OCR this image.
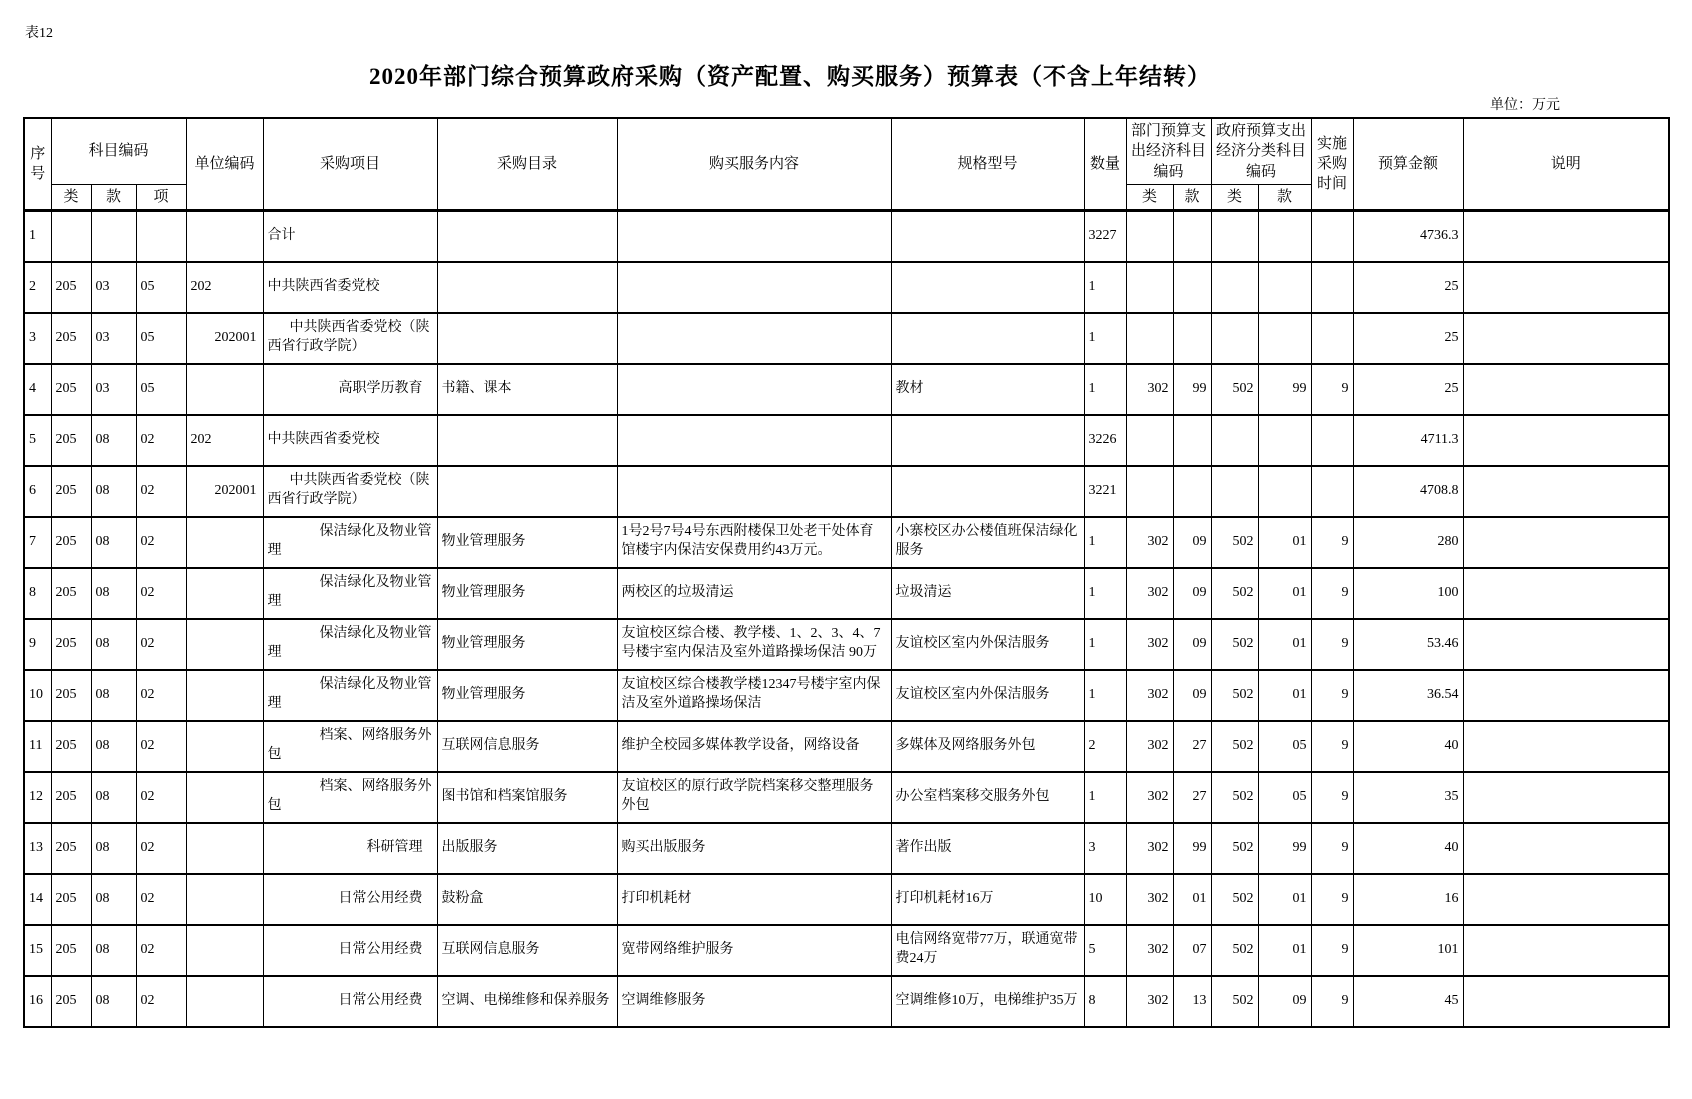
表12
2020年部门综合预算政府采购（资产配置、购买服务）预算表（不含上年结转）
单位：万元
序号	科目编码			单位编码	采购项目	采购目录	购买服务内容	规格型号	数量	部门预算支出经济科目编码		政府预算支出经济分类科目编码		实施采购时间	预算金额	说明
	类	款	项							类	款	类	款			
1					合计				3227						4736.3	
2	205	03	05	202	中共陕西省委党校				1						25	
3	205	03	05	202001	中共陕西省委党校（陕西省行政学院）				1						25	
4	205	03	05		高职学历教育	书籍、课本		教材	1	302	99	502	99	9	25	
5	205	08	02	202	中共陕西省委党校				3226						4711.3	
6	205	08	02	202001	中共陕西省委党校（陕西省行政学院）				3221						4708.8	
7	205	08	02		保洁绿化及物业管理	物业管理服务	1号2号7号4号东西附楼保卫处老干处体育馆楼宇内保洁安保费用约43万元。	小寨校区办公楼值班保洁绿化服务	1	302	09	502	01	9	280	
8	205	08	02		保洁绿化及物业管理	物业管理服务	两校区的垃圾清运	垃圾清运	1	302	09	502	01	9	100	
9	205	08	02		保洁绿化及物业管理	物业管理服务	友谊校区综合楼、教学楼、1、2、3、4、7号楼宇室内保洁及室外道路操场保洁 90万	友谊校区室内外保洁服务	1	302	09	502	01	9	53.46	
10	205	08	02		保洁绿化及物业管理	物业管理服务	友谊校区综合楼教学楼12347号楼宇室内保洁及室外道路操场保洁	友谊校区室内外保洁服务	1	302	09	502	01	9	36.54	
11	205	08	02		档案、网络服务外包	互联网信息服务	维护全校园多媒体教学设备，网络设备	多媒体及网络服务外包	2	302	27	502	05	9	40	
12	205	08	02		档案、网络服务外包	图书馆和档案馆服务	友谊校区的原行政学院档案移交整理服务外包	办公室档案移交服务外包	1	302	27	502	05	9	35	
13	205	08	02		科研管理	出版服务	购买出版服务	著作出版	3	302	99	502	99	9	40	
14	205	08	02		日常公用经费	鼓粉盒	打印机耗材	打印机耗材16万	10	302	01	502	01	9	16	
15	205	08	02		日常公用经费	互联网信息服务	宽带网络维护服务	电信网络宽带77万，联通宽带费24万	5	302	07	502	01	9	101	
16	205	08	02		日常公用经费	空调、电梯维修和保养服务	空调维修服务	空调维修10万，电梯维护35万	8	302	13	502	09	9	45	
